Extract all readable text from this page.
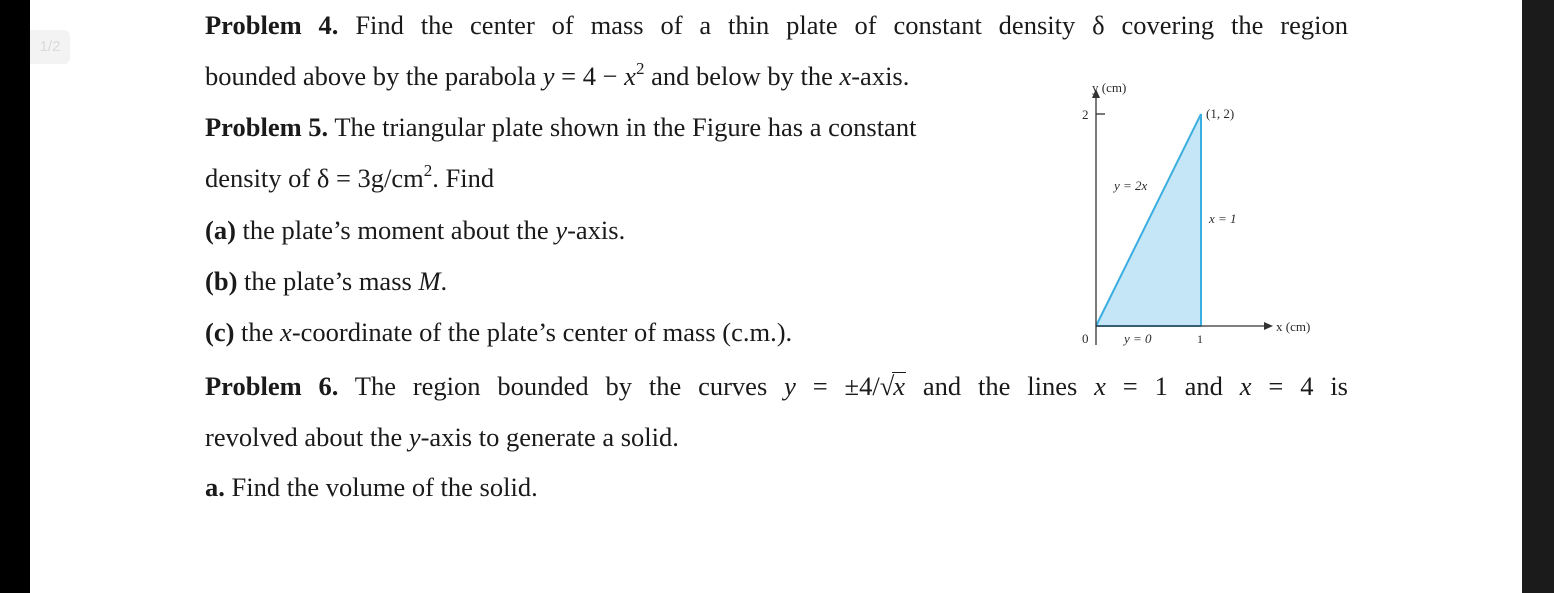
1/2
Problem 4. Find the center of mass of a thin plate of constant density δ covering the region
bounded above by the parabola $y = 4 - x^2$ and below by the x-axis.
Problem 5. The triangular plate shown in the Figure has a constant
density of $\delta = 3g/cm^2$. Find
(a) the plate’s moment about the y-axis.
(b) the plate’s mass M.
(c) the x-coordinate of the plate’s center of mass (c.m.).
Problem 6. The region bounded by the curves y = ±4/√x and the lines x = 1 and x = 4 is
revolved about the y-axis to generate a solid.
a. Find the volume of the solid.
y (cm)
x (cm)
2
1
0
(1, 2)
y = 2x
x = 1
y = 0
